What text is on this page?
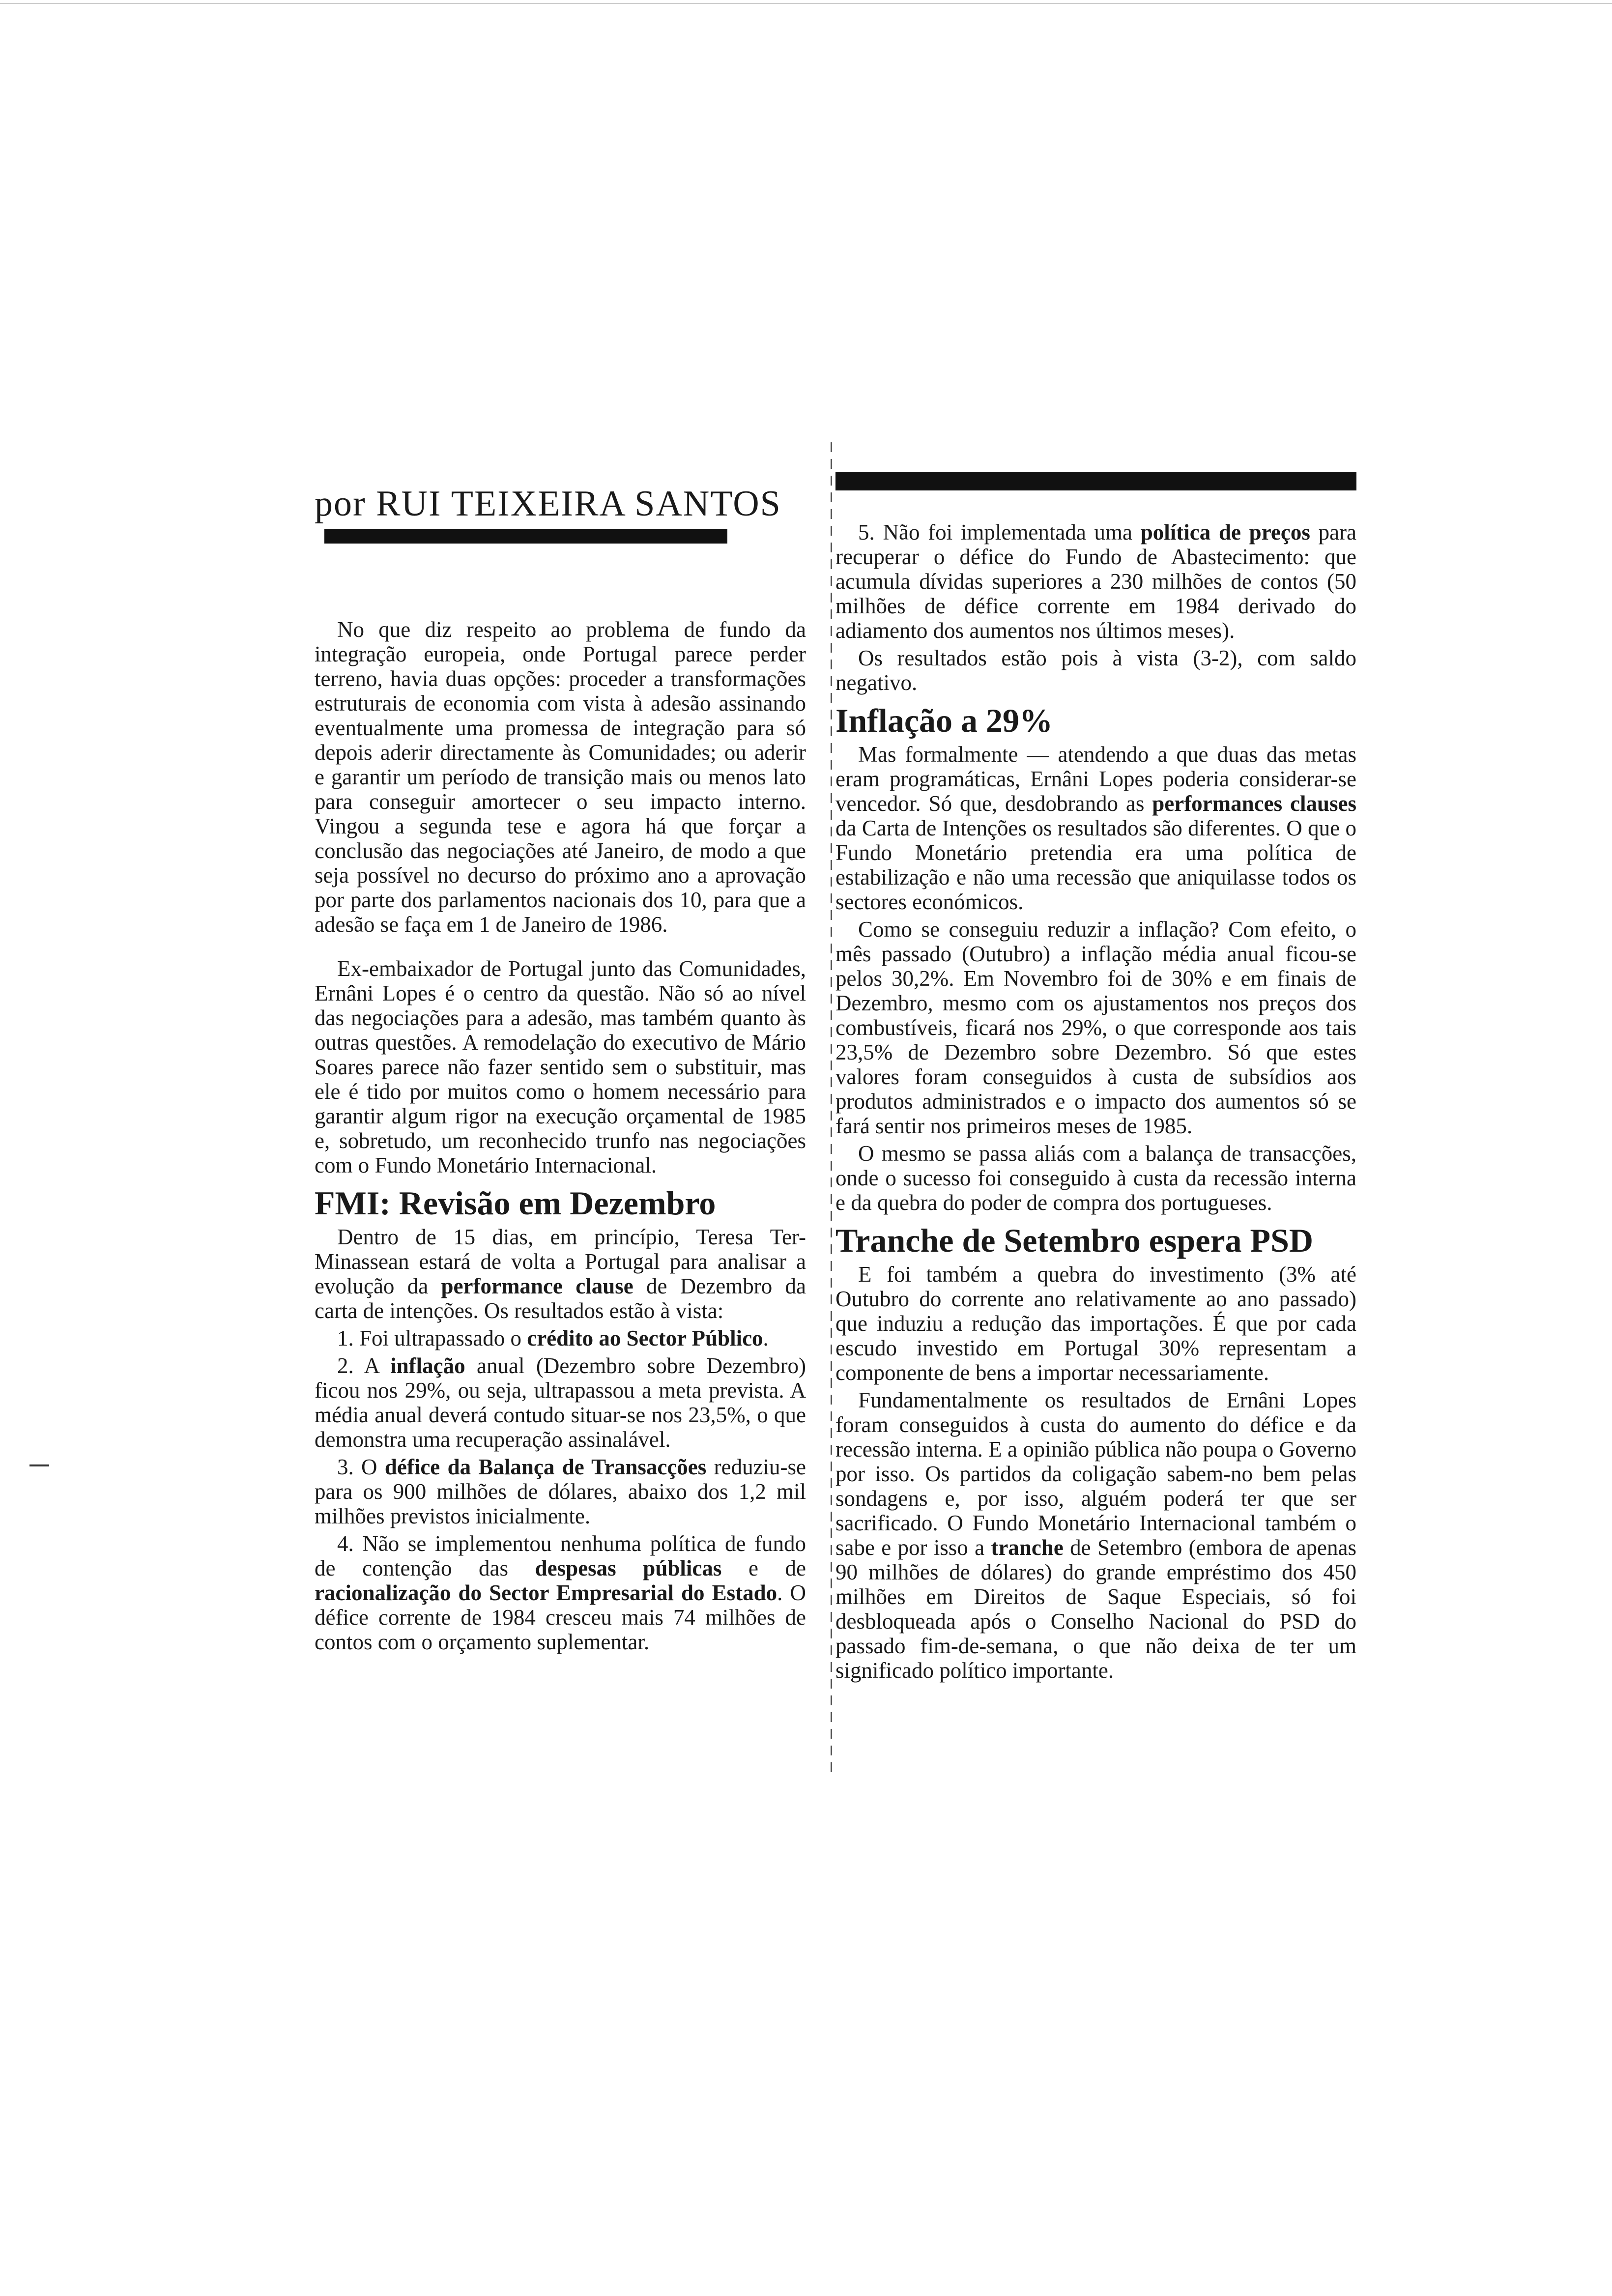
por RUI TEIXEIRA SANTOS

No que diz respeito ao problema de fundo da integração europeia, onde Portugal parece perder terreno, havia duas opções: proceder a transformações estruturais de economia com vista à adesão assinando eventualmente uma promessa de integração para só depois aderir directamente às Comunidades; ou aderir e garantir um período de transição mais ou menos lato para conseguir amortecer o seu impacto interno. Vingou a segunda tese e agora há que forçar a conclusão das negociações até Janeiro, de modo a que seja possível no decurso do próximo ano a aprovação por parte dos parlamentos nacionais dos 10, para que a adesão se faça em 1 de Janeiro de 1986.

Ex-embaixador de Portugal junto das Comunidades, Ernâni Lopes é o centro da questão. Não só ao nível das negociações para a adesão, mas também quanto às outras questões. A remodelação do executivo de Mário Soares parece não fazer sentido sem o substituir, mas ele é tido por muitos como o homem necessário para garantir algum rigor na execução orçamental de 1985 e, sobretudo, um reconhecido trunfo nas negociações com o Fundo Monetário Internacional.

FMI: Revisão em Dezembro

Dentro de 15 dias, em princípio, Teresa Ter-Minassean estará de volta a Portugal para analisar a evolução da performance clause de Dezembro da carta de intenções. Os resultados estão à vista:

1. Foi ultrapassado o crédito ao Sector Público.

2. A inflação anual (Dezembro sobre Dezembro) ficou nos 29%, ou seja, ultrapassou a meta prevista. A média anual deverá contudo situar-se nos 23,5%, o que demonstra uma recuperação assinalável.

3. O défice da Balança de Transacções reduziu-se para os 900 milhões de dólares, abaixo dos 1,2 mil milhões previstos inicialmente.

4. Não se implementou nenhuma política de fundo de contenção das despesas públicas e de racionalização do Sector Empresarial do Estado. O défice corrente de 1984 cresceu mais 74 milhões de contos com o orçamento suplementar.

5. Não foi implementada uma política de preços para recuperar o défice do Fundo de Abastecimento: que acumula dívidas superiores a 230 milhões de contos (50 milhões de défice corrente em 1984 derivado do adiamento dos aumentos nos últimos meses).

Os resultados estão pois à vista (3-2), com saldo negativo.

Inflação a 29%

Mas formalmente — atendendo a que duas das metas eram programáticas, Ernâni Lopes poderia considerar-se vencedor. Só que, desdobrando as performances clauses da Carta de Intenções os resultados são diferentes. O que o Fundo Monetário pretendia era uma política de estabilização e não uma recessão que aniquilasse todos os sectores económicos.

Como se conseguiu reduzir a inflação? Com efeito, o mês passado (Outubro) a inflação média anual ficou-se pelos 30,2%. Em Novembro foi de 30% e em finais de Dezembro, mesmo com os ajustamentos nos preços dos combustíveis, ficará nos 29%, o que corresponde aos tais 23,5% de Dezembro sobre Dezembro. Só que estes valores foram conseguidos à custa de subsídios aos produtos administrados e o impacto dos aumentos só se fará sentir nos primeiros meses de 1985.

O mesmo se passa aliás com a balança de transacções, onde o sucesso foi conseguido à custa da recessão interna e da quebra do poder de compra dos portugueses.

Tranche de Setembro espera PSD

E foi também a quebra do investimento (3% até Outubro do corrente ano relativamente ao ano passado) que induziu a redução das importações. É que por cada escudo investido em Portugal 30% representam a componente de bens a importar necessariamente.

Fundamentalmente os resultados de Ernâni Lopes foram conseguidos à custa do aumento do défice e da recessão interna. E a opinião pública não poupa o Governo por isso. Os partidos da coligação sabem-no bem pelas sondagens e, por isso, alguém poderá ter que ser sacrificado. O Fundo Monetário Internacional também o sabe e por isso a tranche de Setembro (embora de apenas 90 milhões de dólares) do grande empréstimo dos 450 milhões em Direitos de Saque Especiais, só foi desbloqueada após o Conselho Nacional do PSD do passado fim-de-semana, o que não deixa de ter um significado político importante.
